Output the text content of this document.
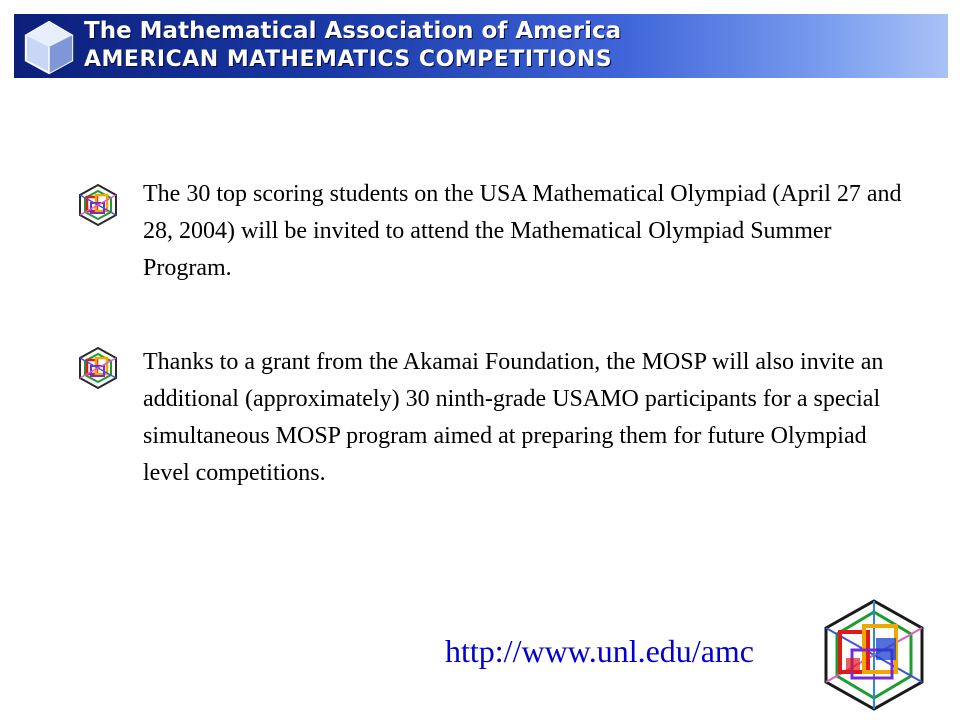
The Mathematical Association of America
AMERICAN MATHEMATICS COMPETITIONS

The 30 top scoring students on the USA Mathematical Olympiad (April 27 and 28, 2004) will be invited to attend the Mathematical Olympiad Summer Program.

Thanks to a grant from the Akamai Foundation, the MOSP will also invite an additional (approximately) 30 ninth-grade USAMO participants for a special simultaneous MOSP program aimed at preparing them for future Olympiad level competitions.

http://www.unl.edu/amc
